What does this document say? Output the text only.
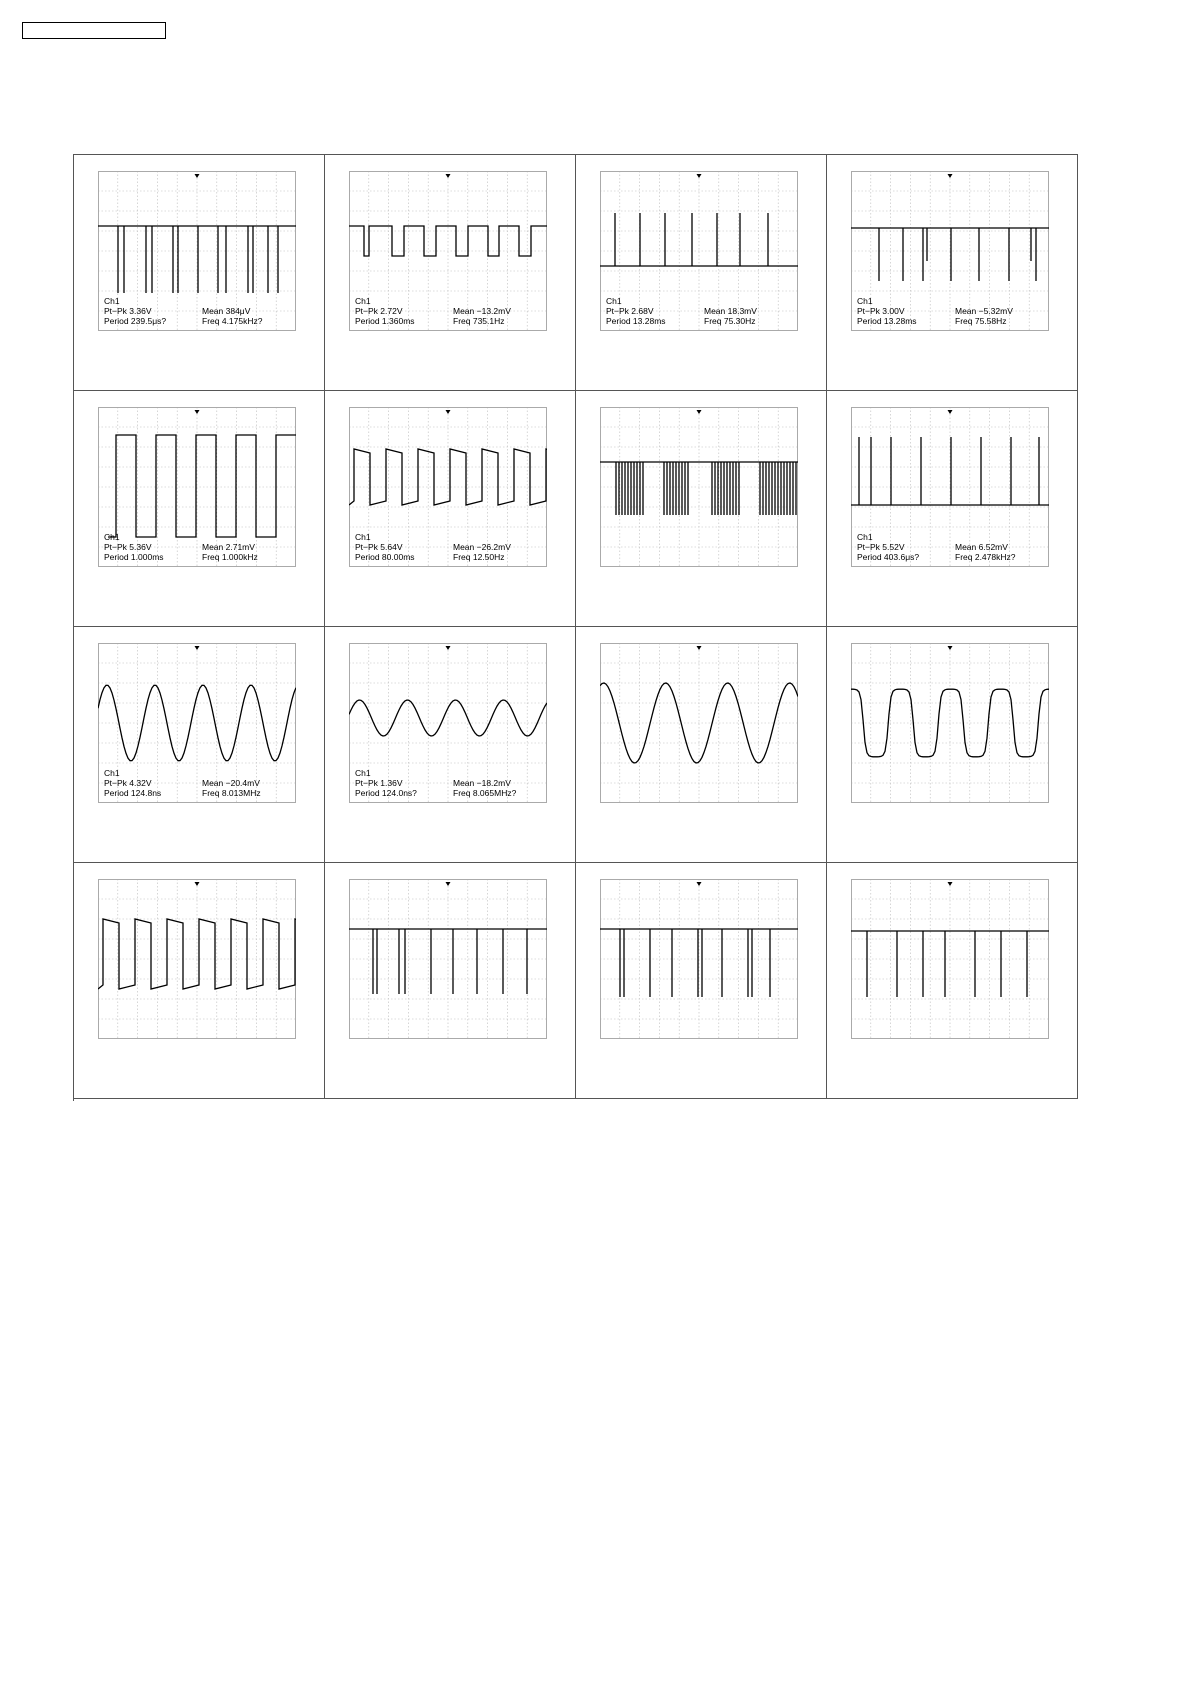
Ch1
Pt−Pk 3.36V
Period 239.5μs?
Mean 384μV
Freq 4.175kHz?
Ch1
Pt−Pk 2.72V
Period 1.360ms
Mean −13.2mV
Freq 735.1Hz
Ch1
Pt−Pk 2.68V
Period 13.28ms
Mean 18.3mV
Freq 75.30Hz
Ch1
Pt−Pk 3.00V
Period 13.28ms
Mean −5.32mV
Freq 75.58Hz
Ch1
Pt−Pk 5.36V
Period 1.000ms
Mean 2.71mV
Freq 1.000kHz
Ch1
Pt−Pk 5.64V
Period 80.00ms
Mean −26.2mV
Freq 12.50Hz
Ch1
Pt−Pk 5.52V
Period 403.6μs?
Mean 6.52mV
Freq 2.478kHz?
Ch1
Pt−Pk 4.32V
Period 124.8ns
Mean −20.4mV
Freq 8.013MHz
Ch1
Pt−Pk 1.36V
Period 124.0ns?
Mean −18.2mV
Freq 8.065MHz?
